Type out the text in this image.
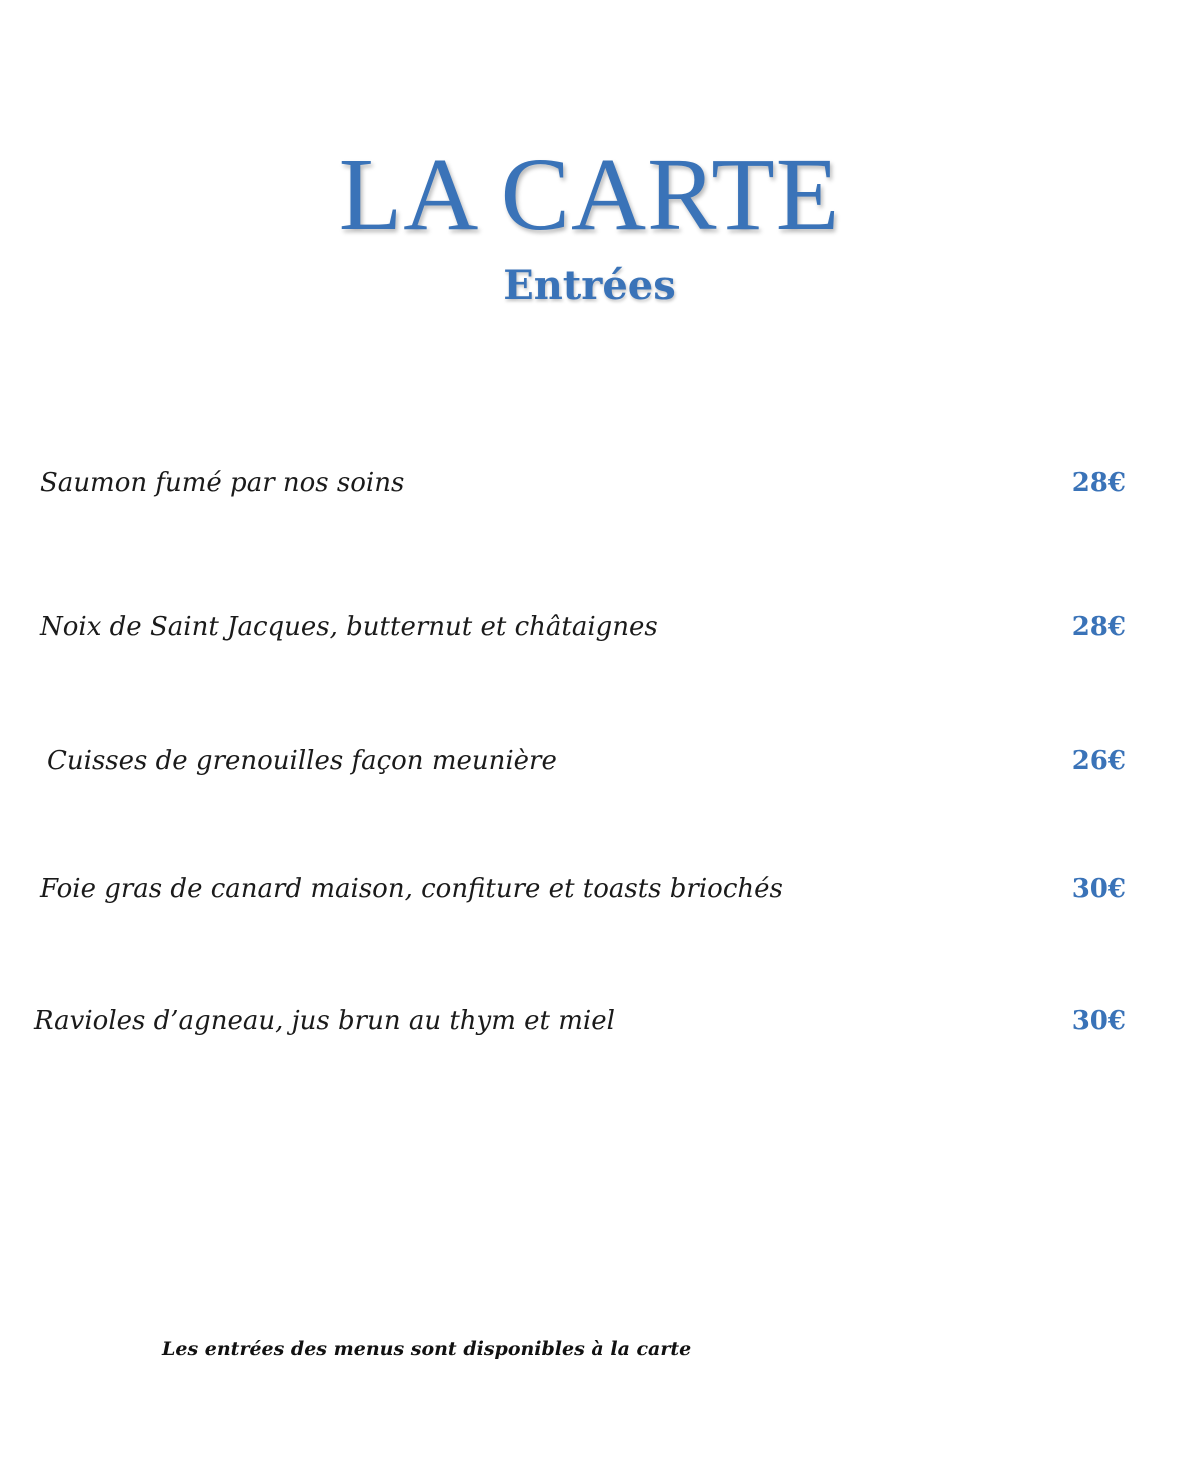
LA CARTE
Entrées
Saumon fumé par nos soins	28€
Noix de Saint Jacques, butternut et châtaignes	28€
Cuisses de grenouilles façon meunière	26€
Foie gras de canard maison, confiture et toasts briochés	30€
Ravioles d’agneau, jus brun au thym et miel	30€
Les entrées des menus sont disponibles à la carte
